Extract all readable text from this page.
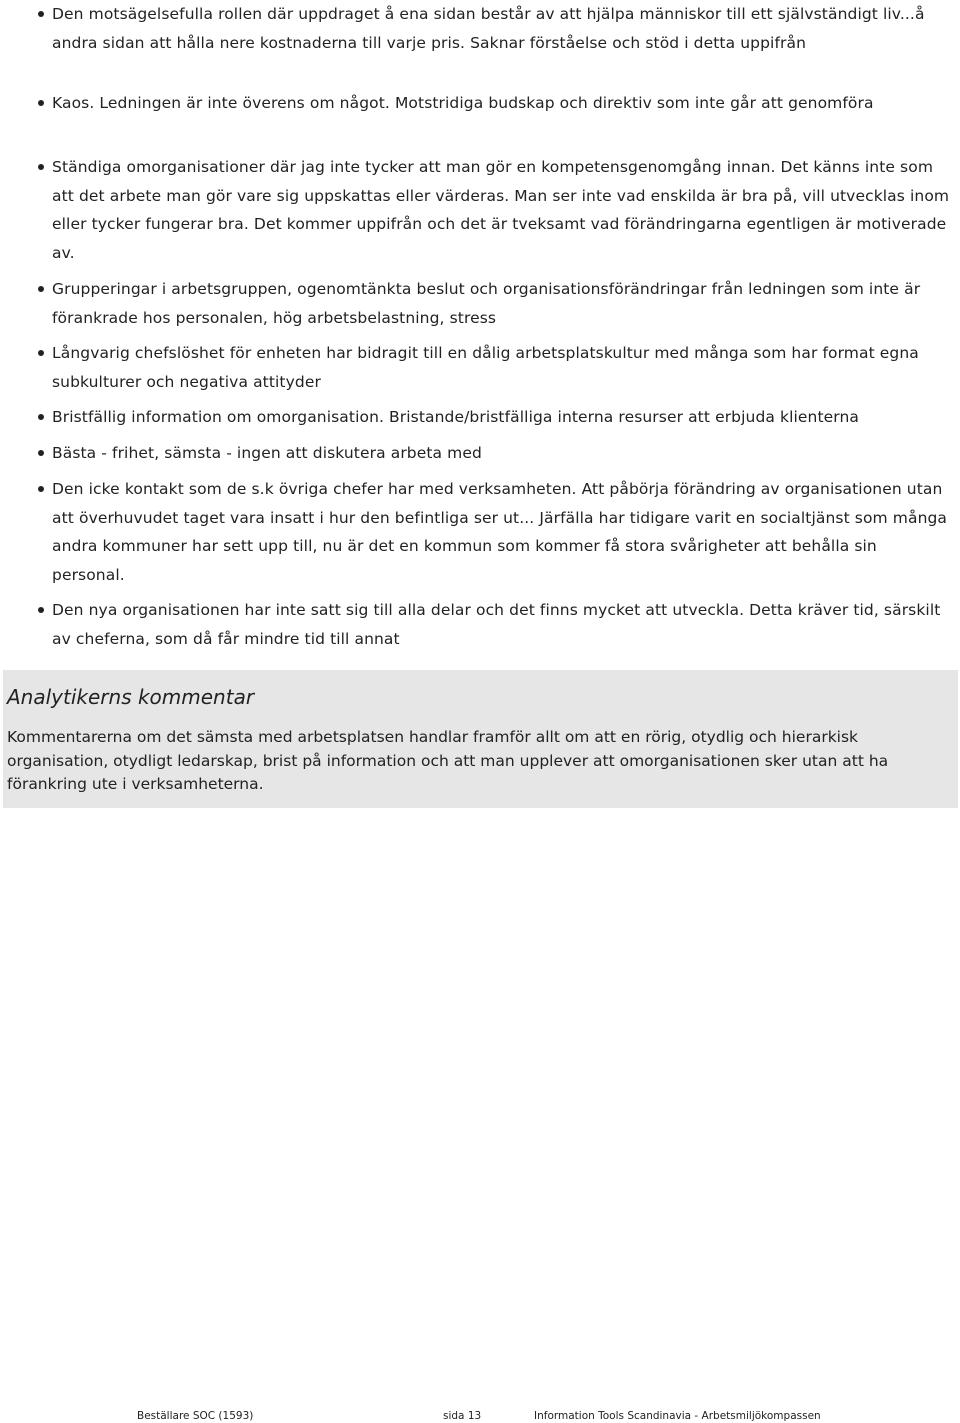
Den motsägelsefulla rollen där uppdraget å ena sidan består av att hjälpa människor till ett självständigt liv...å andra sidan att hålla nere kostnaderna till varje pris. Saknar förståelse och stöd i detta uppifrån
Kaos. Ledningen är inte överens om något. Motstridiga budskap och direktiv som inte går att genomföra
Ständiga omorganisationer där jag inte tycker att man gör en kompetensgenomgång innan. Det känns inte som att det arbete man gör vare sig uppskattas eller värderas. Man ser inte vad enskilda är bra på, vill utvecklas inom eller tycker fungerar bra. Det kommer uppifrån och det är tveksamt vad förändringarna egentligen är motiverade av.
Grupperingar i arbetsgruppen, ogenomtänkta beslut och organisationsförändringar från ledningen som inte är förankrade hos personalen, hög arbetsbelastning, stress
Långvarig chefslöshet för enheten har bidragit till en dålig arbetsplatskultur med många som har format egna subkulturer och negativa attityder
Bristfällig information om omorganisation. Bristande/bristfälliga interna resurser att erbjuda klienterna
Bästa - frihet, sämsta - ingen att diskutera arbeta med
Den icke kontakt som de s.k övriga chefer har med verksamheten. Att påbörja förändring av organisationen utan att överhuvudet taget vara insatt i hur den befintliga ser ut... Järfälla har tidigare varit en socialtjänst som många andra kommuner har sett upp till, nu är det en kommun som kommer få stora svårigheter att behålla sin personal.
Den nya organisationen har inte satt sig till alla delar och det finns mycket att utveckla. Detta kräver tid, särskilt av cheferna, som då får mindre tid till annat
Analytikerns kommentar

Kommentarerna om det sämsta med arbetsplatsen handlar framför allt om att en rörig, otydlig och hierarkisk organisation, otydligt ledarskap, brist på information och att man upplever att omorganisationen sker utan att ha förankring ute i verksamheterna.

Beställare SOC (1593)	sida 13	Information Tools Scandinavia - Arbetsmiljökompassen
